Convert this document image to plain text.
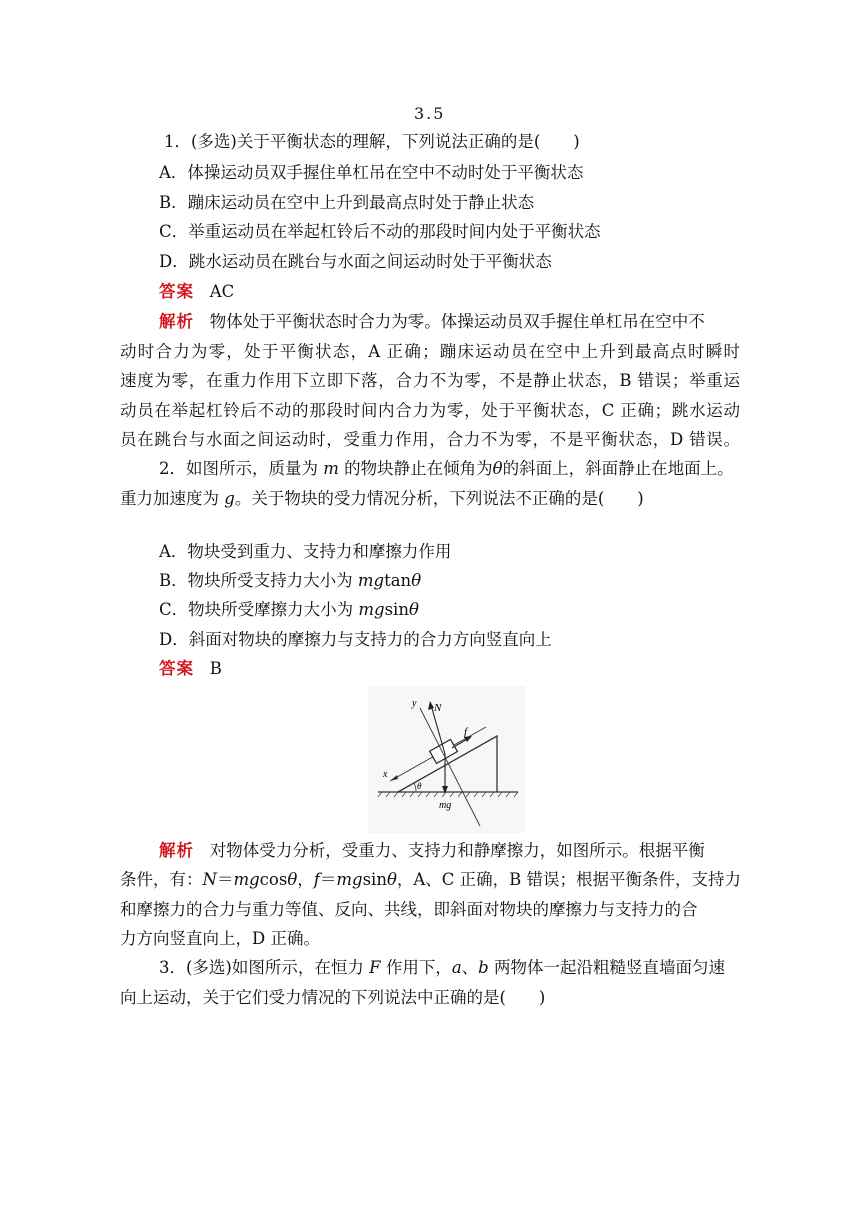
3.5
1．(多选)关于平衡状态的理解，下列说法正确的是(　　)
A．体操运动员双手握住单杠吊在空中不动时处于平衡状态
B．蹦床运动员在空中上升到最高点时处于静止状态
C．举重运动员在举起杠铃后不动的那段时间内处于平衡状态
D．跳水运动员在跳台与水面之间运动时处于平衡状态
答案 AC
解析 物体处于平衡状态时合力为零。体操运动员双手握住单杠吊在空中不
动时合力为零，处于平衡状态，A 正确；蹦床运动员在空中上升到最高点时瞬时
速度为零，在重力作用下立即下落，合力不为零，不是静止状态，B 错误；举重运
动员在举起杠铃后不动的那段时间内合力为零，处于平衡状态，C 正确；跳水运动
员在跳台与水面之间运动时，受重力作用，合力不为零，不是平衡状态，D 错误。
2．如图所示，质量为 m 的物块静止在倾角为θ的斜面上，斜面静止在地面上。
重力加速度为 g。关于物块的受力情况分析，下列说法不正确的是(　　)
A．物块受到重力、支持力和摩擦力作用
B．物块所受支持力大小为 mgtanθ
C．物块所受摩擦力大小为 mgsinθ
D．斜面对物块的摩擦力与支持力的合力方向竖直向上
答案 B
y N
f
x
θ
mg
解析 对物体受力分析，受重力、支持力和静摩擦力，如图所示。根据平衡
条件，有：N＝mgcosθ，f＝mgsinθ，A、C 正确，B 错误；根据平衡条件，支持力
和摩擦力的合力与重力等值、反向、共线，即斜面对物块的摩擦力与支持力的合
力方向竖直向上，D 正确。
3．(多选)如图所示，在恒力 F 作用下，a、b 两物体一起沿粗糙竖直墙面匀速
向上运动，关于它们受力情况的下列说法中正确的是(　　)
